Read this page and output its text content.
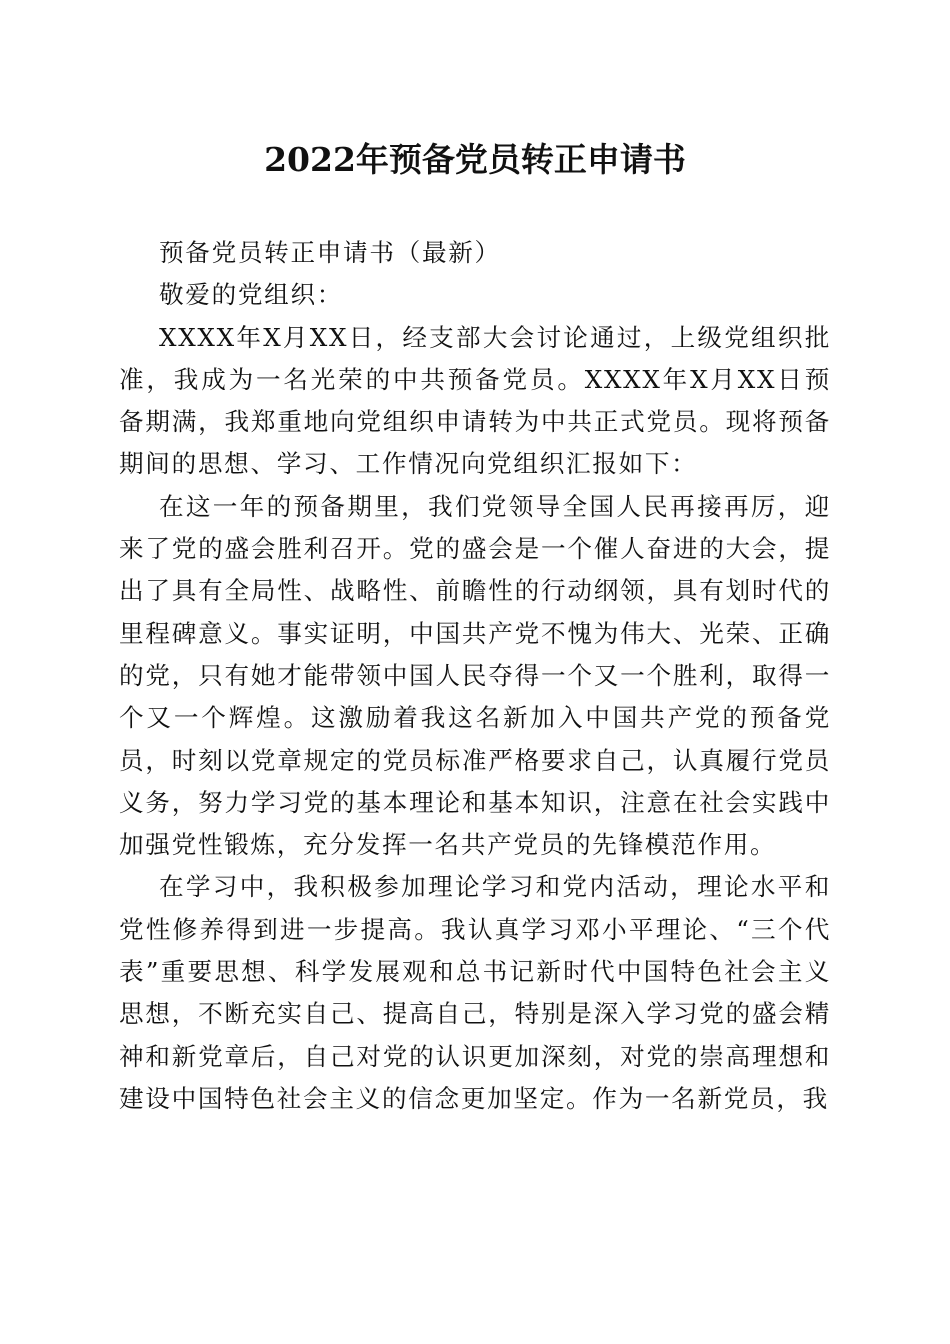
2022年预备党员转正申请书

预备党员转正申请书（最新）

敬爱的党组织：

XXXX年X月XX日，经支部大会讨论通过，上级党组织批准，我成为一名光荣的中共预备党员。XXXX年X月XX日预备期满，我郑重地向党组织申请转为中共正式党员。现将预备期间的思想、学习、工作情况向党组织汇报如下：

在这一年的预备期里，我们党领导全国人民再接再厉，迎来了党的盛会胜利召开。党的盛会是一个催人奋进的大会，提出了具有全局性、战略性、前瞻性的行动纲领，具有划时代的里程碑意义。事实证明，中国共产党不愧为伟大、光荣、正确的党，只有她才能带领中国人民夺得一个又一个胜利，取得一个又一个辉煌。这激励着我这名新加入中国共产党的预备党员，时刻以党章规定的党员标准严格要求自己，认真履行党员义务，努力学习党的基本理论和基本知识，注意在社会实践中加强党性锻炼，充分发挥一名共产党员的先锋模范作用。

在学习中，我积极参加理论学习和党内活动，理论水平和党性修养得到进一步提高。我认真学习邓小平理论、“三个代表”重要思想、科学发展观和总书记新时代中国特色社会主义思想，不断充实自己、提高自己，特别是深入学习党的盛会精神和新党章后，自己对党的认识更加深刻，对党的崇高理想和建设中国特色社会主义的信念更加坚定。作为一名新党员，我
